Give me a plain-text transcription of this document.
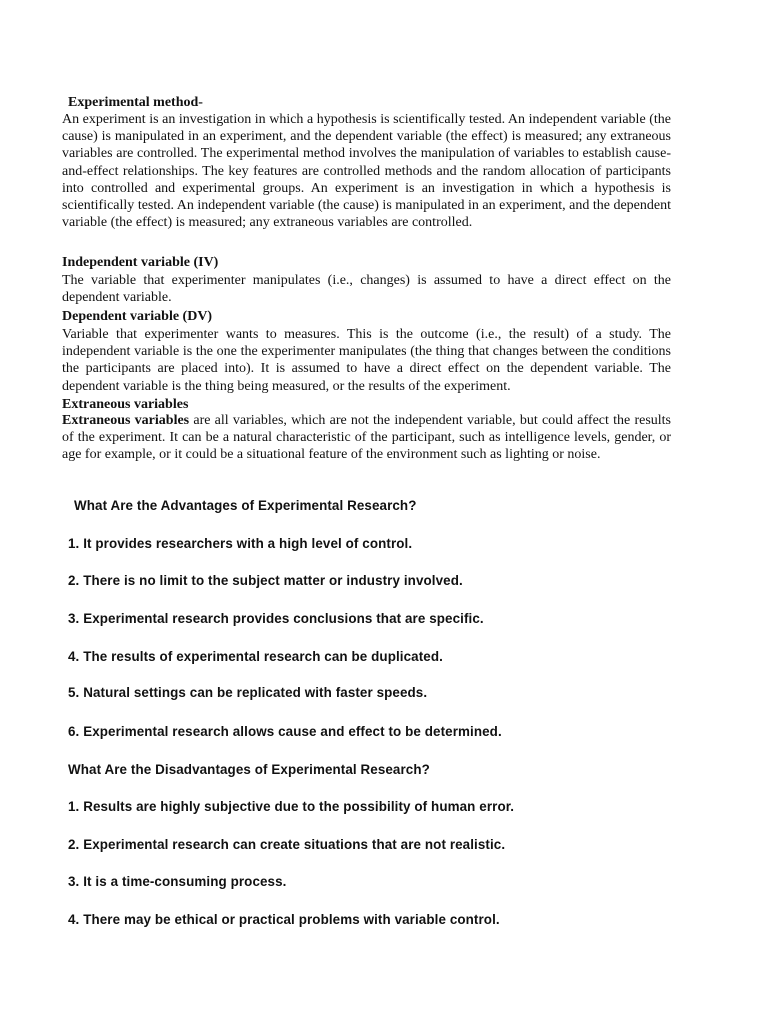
Experimental method-
An experiment is an investigation in which a hypothesis is scientifically tested. An independent variable (the cause) is manipulated in an experiment, and the dependent variable (the effect) is measured; any extraneous variables are controlled. The experimental method involves the manipulation of variables to establish cause-and-effect relationships. The key features are controlled methods and the random allocation of participants into controlled and experimental groups. An experiment is an investigation in which a hypothesis is scientifically tested. An independent variable (the cause) is manipulated in an experiment, and the dependent variable (the effect) is measured; any extraneous variables are controlled.
Independent variable (IV)
The variable that experimenter manipulates (i.e., changes) is assumed to have a direct effect on the dependent variable.
Dependent variable (DV)
Variable that experimenter wants to measures. This is the outcome (i.e., the result) of a study. The independent variable is the one the experimenter manipulates (the thing that changes between the conditions the participants are placed into). It is assumed to have a direct effect on the dependent variable. The dependent variable is the thing being measured, or the results of the experiment.
Extraneous variables
Extraneous variables are all variables, which are not the independent variable, but could affect the results of the experiment. It can be a natural characteristic of the participant, such as intelligence levels, gender, or age for example, or it could be a situational feature of the environment such as lighting or noise.
What Are the Advantages of Experimental Research?
1. It provides researchers with a high level of control.
2. There is no limit to the subject matter or industry involved.
3. Experimental research provides conclusions that are specific.
4. The results of experimental research can be duplicated.
5. Natural settings can be replicated with faster speeds.
6. Experimental research allows cause and effect to be determined.
What Are the Disadvantages of Experimental Research?
1. Results are highly subjective due to the possibility of human error.
2. Experimental research can create situations that are not realistic.
3. It is a time-consuming process.
4. There may be ethical or practical problems with variable control.
